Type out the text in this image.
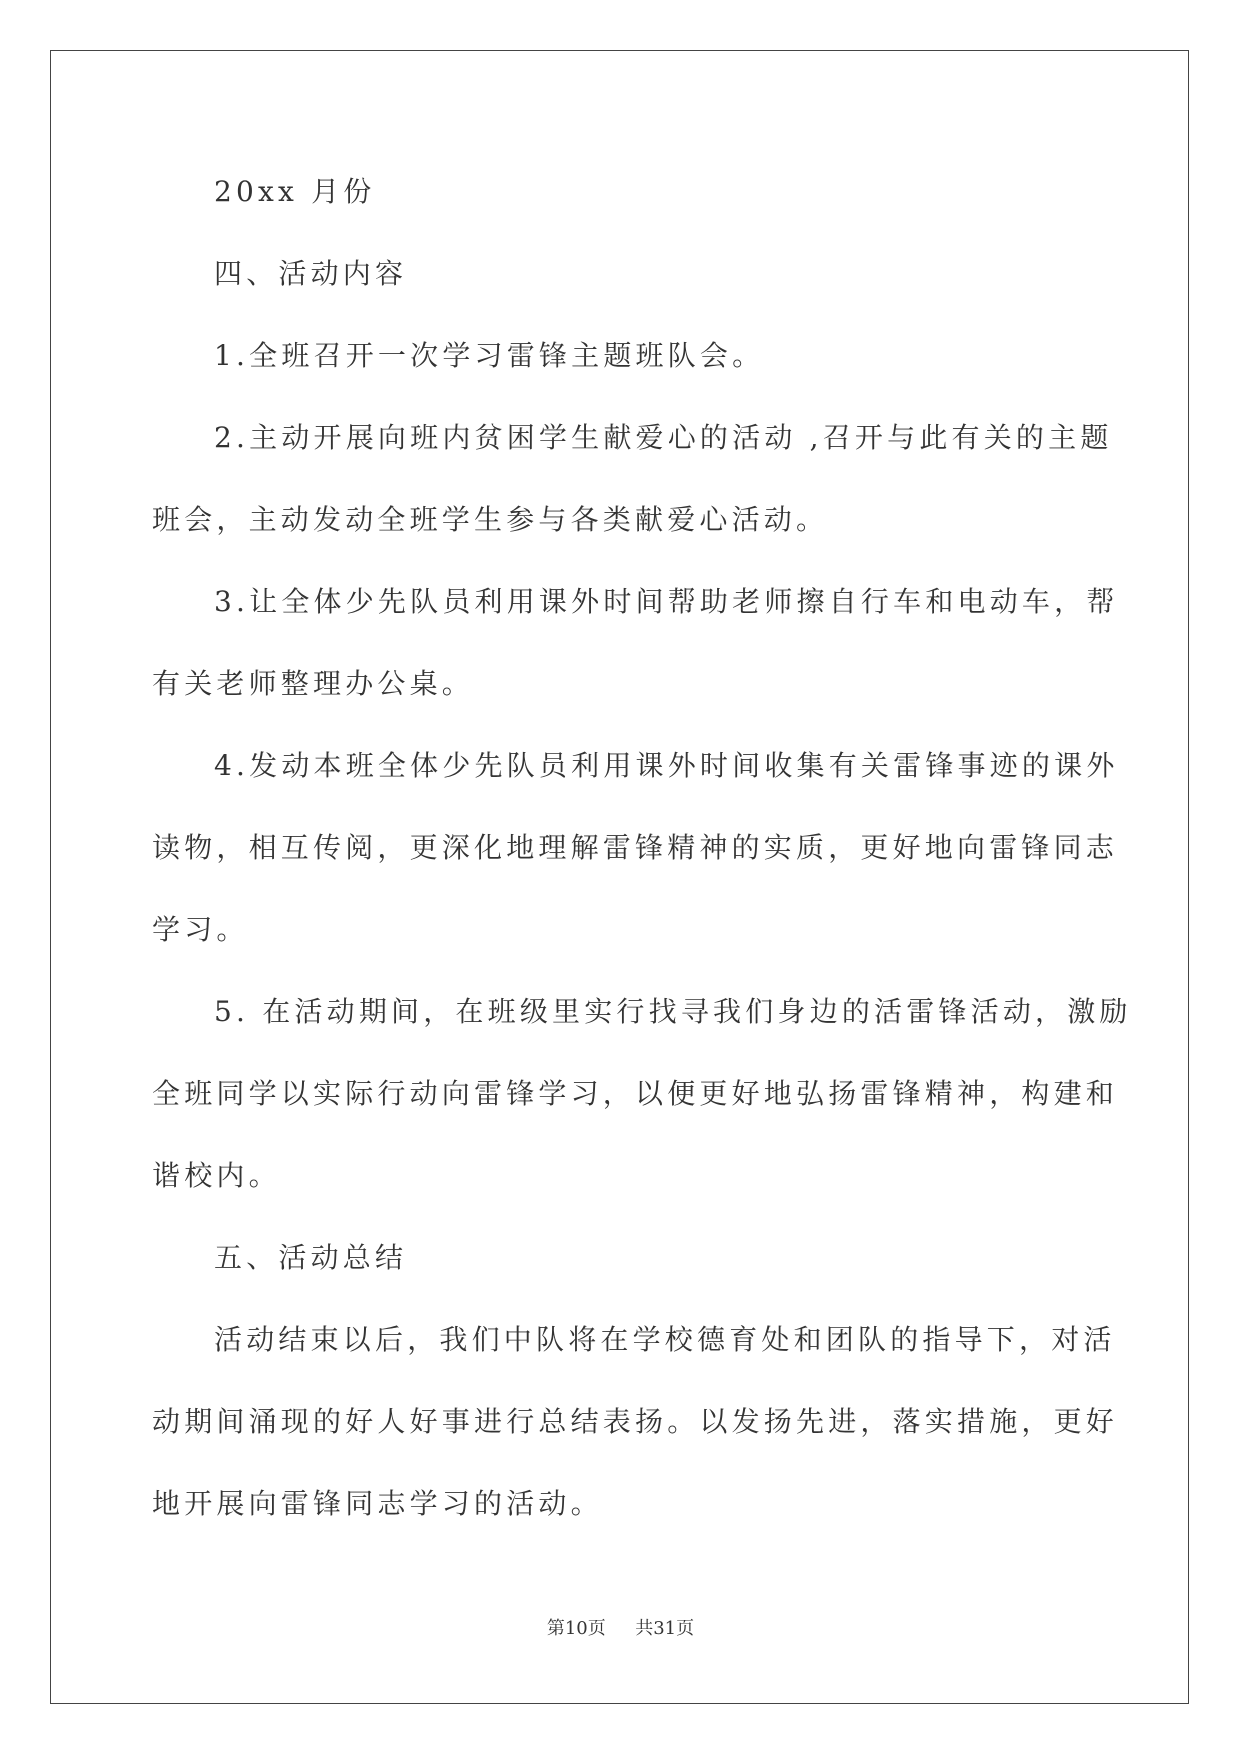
20xx 月份
四、活动内容
1.全班召开一次学习雷锋主题班队会。
2.主动开展向班内贫困学生献爱心的活动 ,召开与此有关的主题
班会，主动发动全班学生参与各类献爱心活动。
3.让全体少先队员利用课外时间帮助老师擦自行车和电动车，帮
有关老师整理办公桌。
4.发动本班全体少先队员利用课外时间收集有关雷锋事迹的课外
读物，相互传阅，更深化地理解雷锋精神的实质，更好地向雷锋同志
学习。
5. 在活动期间，在班级里实行找寻我们身边的活雷锋活动，激励
全班同学以实际行动向雷锋学习，以便更好地弘扬雷锋精神，构建和
谐校内。
五、活动总结
活动结束以后，我们中队将在学校德育处和团队的指导下，对活
动期间涌现的好人好事进行总结表扬。以发扬先进，落实措施，更好
地开展向雷锋同志学习的活动。
第10页 共31页
